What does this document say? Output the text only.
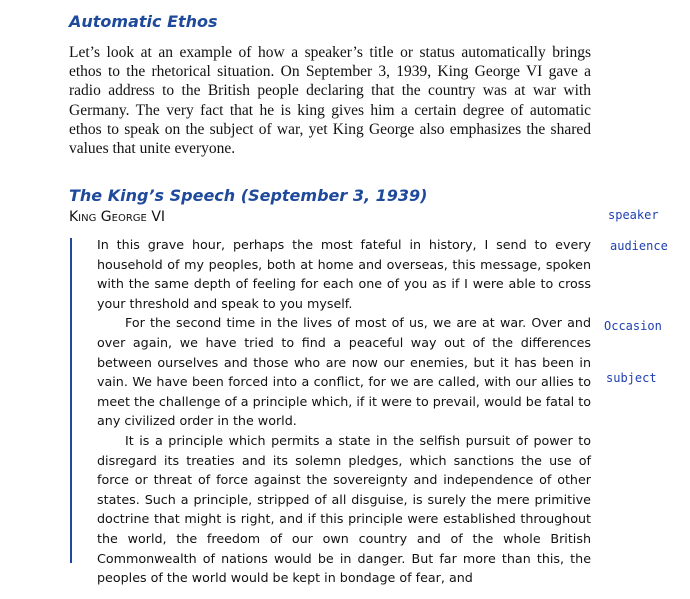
Automatic Ethos
Let’s look at an example of how a speaker’s title or status automatically brings ethos to the rhetorical situation. On September 3, 1939, King George VI gave a radio address to the British people declaring that the country was at war with Germany. The very fact that he is king gives him a certain degree of automatic ethos to speak on the subject of war, yet King George also emphasizes the shared values that unite everyone.
The King’s Speech (September 3, 1939)
King George VI

In this grave hour, perhaps the most fateful in history, I send to every household of my peoples, both at home and overseas, this message, spoken with the same depth of feeling for each one of you as if I were able to cross your threshold and speak to you myself.

For the second time in the lives of most of us, we are at war. Over and over again, we have tried to find a peaceful way out of the differences between ourselves and those who are now our enemies, but it has been in vain. We have been forced into a conflict, for we are called, with our allies to meet the challenge of a principle which, if it were to prevail, would be fatal to any civilized order in the world.

It is a principle which permits a state in the selfish pursuit of power to disregard its treaties and its solemn pledges, which sanctions the use of force or threat of force against the sovereignty and independence of other states. Such a principle, stripped of all disguise, is surely the mere primitive doctrine that might is right, and if this principle were established throughout the world, the freedom of our own country and of the whole British Commonwealth of nations would be in danger. But far more than this, the peoples of the world would be kept in bondage of fear, and

speaker
audience
Occasion
subject
